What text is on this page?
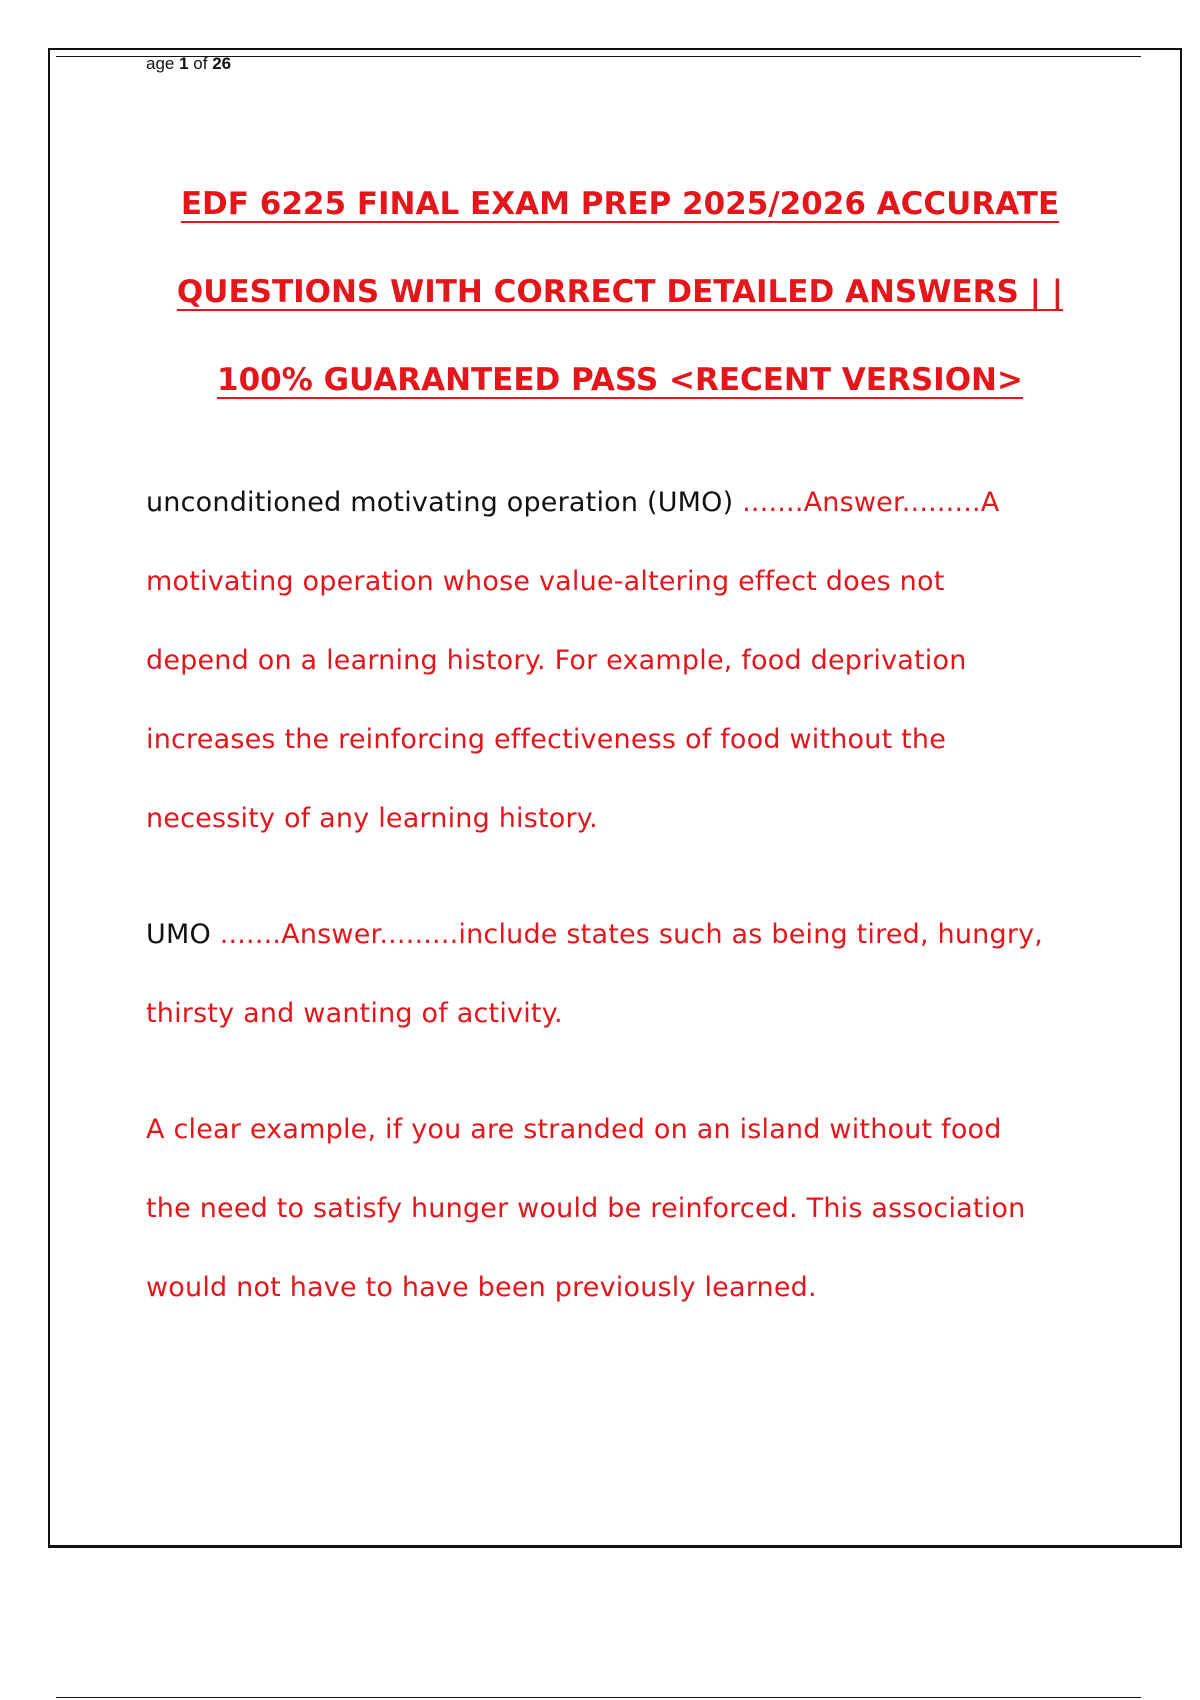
age 1 of 26
EDF 6225 FINAL EXAM PREP 2025/2026 ACCURATE
QUESTIONS WITH CORRECT DETAILED ANSWERS | |
100% GUARANTEED PASS <RECENT VERSION>
unconditioned motivating operation (UMO) .......Answer.........A
motivating operation whose value-altering effect does not
depend on a learning history. For example, food deprivation
increases the reinforcing effectiveness of food without the
necessity of any learning history.
UMO .......Answer.........include states such as being tired, hungry,
thirsty and wanting of activity.
A clear example, if you are stranded on an island without food
the need to satisfy hunger would be reinforced. This association
would not have to have been previously learned.
